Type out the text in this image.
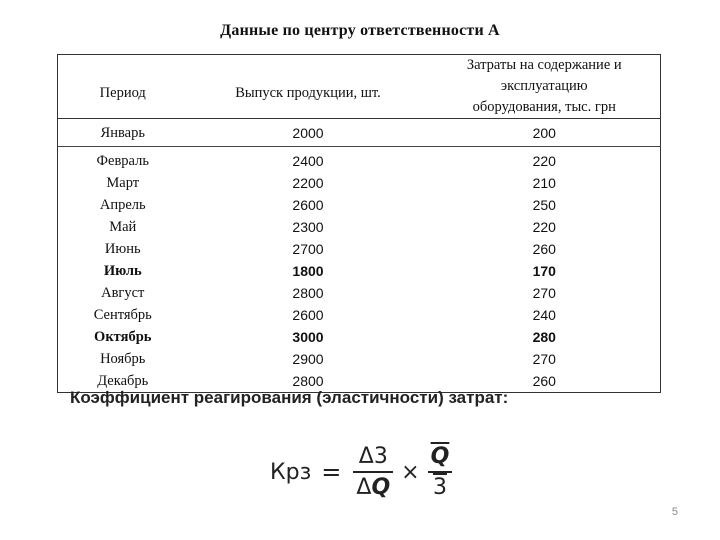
Данные по центру ответственности А
Период	Выпуск продукции, шт.	Затраты на содержание и эксплуатацию
оборудования, тыс. грн
Январь	2000	200
Февраль	2400	220
Март	2200	210
Апрель	2600	250
Май	2300	220
Июнь	2700	260
Июль	1800	170
Август	2800	270
Сентябрь	2600	240
Октябрь	3000	280
Ноябрь	2900	270
Декабрь	2800	260
Коэффициент реагирования (эластичности) затрат:
Крз = $\frac{\Delta 3}{\Delta Q} \times \frac{\overline{Q}}{3}$
5
